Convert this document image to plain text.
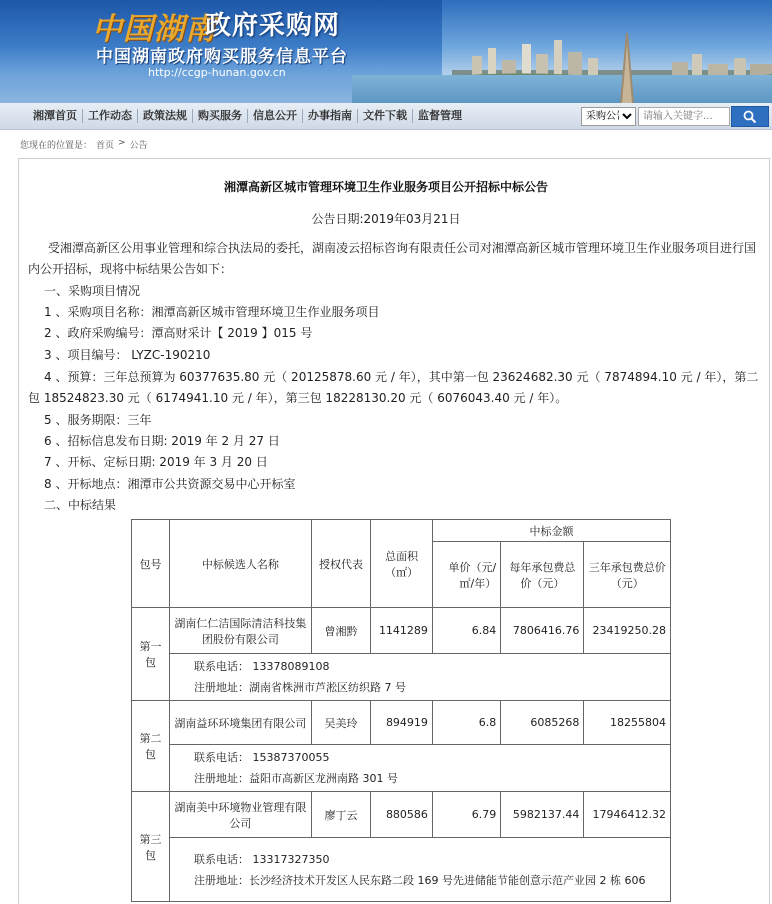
中国湖南
政府采购网
中国湖南政府购买服务信息平台
http://ccgp-hunan.gov.cn
湘潭首页	工作动态	政策法规	购买服务	信息公开	办事指南	文件下载	监督管理
采购公告
请输入关键字...
您现在的位置是： 首页 > 公告
湘潭高新区城市管理环境卫生作业服务项目公开招标中标公告
公告日期:2019年03月21日
受湘潭高新区公用事业管理和综合执法局的委托，湖南凌云招标咨询有限责任公司对湘潭高新区城市管理环境卫生作业服务项目进行国
内公开招标，现将中标结果公告如下：
一、采购项目情况
1 、采购项目名称：湘潭高新区城市管理环境卫生作业服务项目
2 、政府采购编号：潭高财采计【 2019 】015 号
3 、项目编号： LYZC-190210
4 、预算：三年总预算为 60377635.80 元（ 20125878.60 元 / 年），其中第一包 23624682.30 元（ 7874894.10 元 / 年），第二
包 18524823.30 元（ 6174941.10 元 / 年），第三包 18228130.20 元（ 6076043.40 元 / 年）。
5 、服务期限：三年
6 、招标信息发布日期: 2019 年 2 月 27 日
7 、开标、定标日期: 2019 年 3 月 20 日
8 、开标地点：湘潭市公共资源交易中心开标室
二、中标结果
包号	中标候选人名称	授权代表	总面积（㎡）	中标金额		
				单价（元/㎡/年）	每年承包费总价（元）	三年承包费总价（元）
第一包	湖南仁仁洁国际清洁科技集团股份有限公司	曾湘黔	1141289	6.84	7806416.76	23419250.28

	联系电话： 13378089108
注册地址：湖南省株洲市芦淞区纺织路 7 号					

第二包	湖南益环环境集团有限公司	吴美玲	894919	6.8	6085268	18255804

	联系电话： 15387370055
注册地址：益阳市高新区龙洲南路 301 号					

第三包	湖南美中环境物业管理有限公司	廖丁云	880586	6.79	5982137.44	17946412.32

	联系电话： 13317327350
注册地址：长沙经济技术开发区人民东路二段 169 号先进储能节能创意示范产业园 2 栋 606					
